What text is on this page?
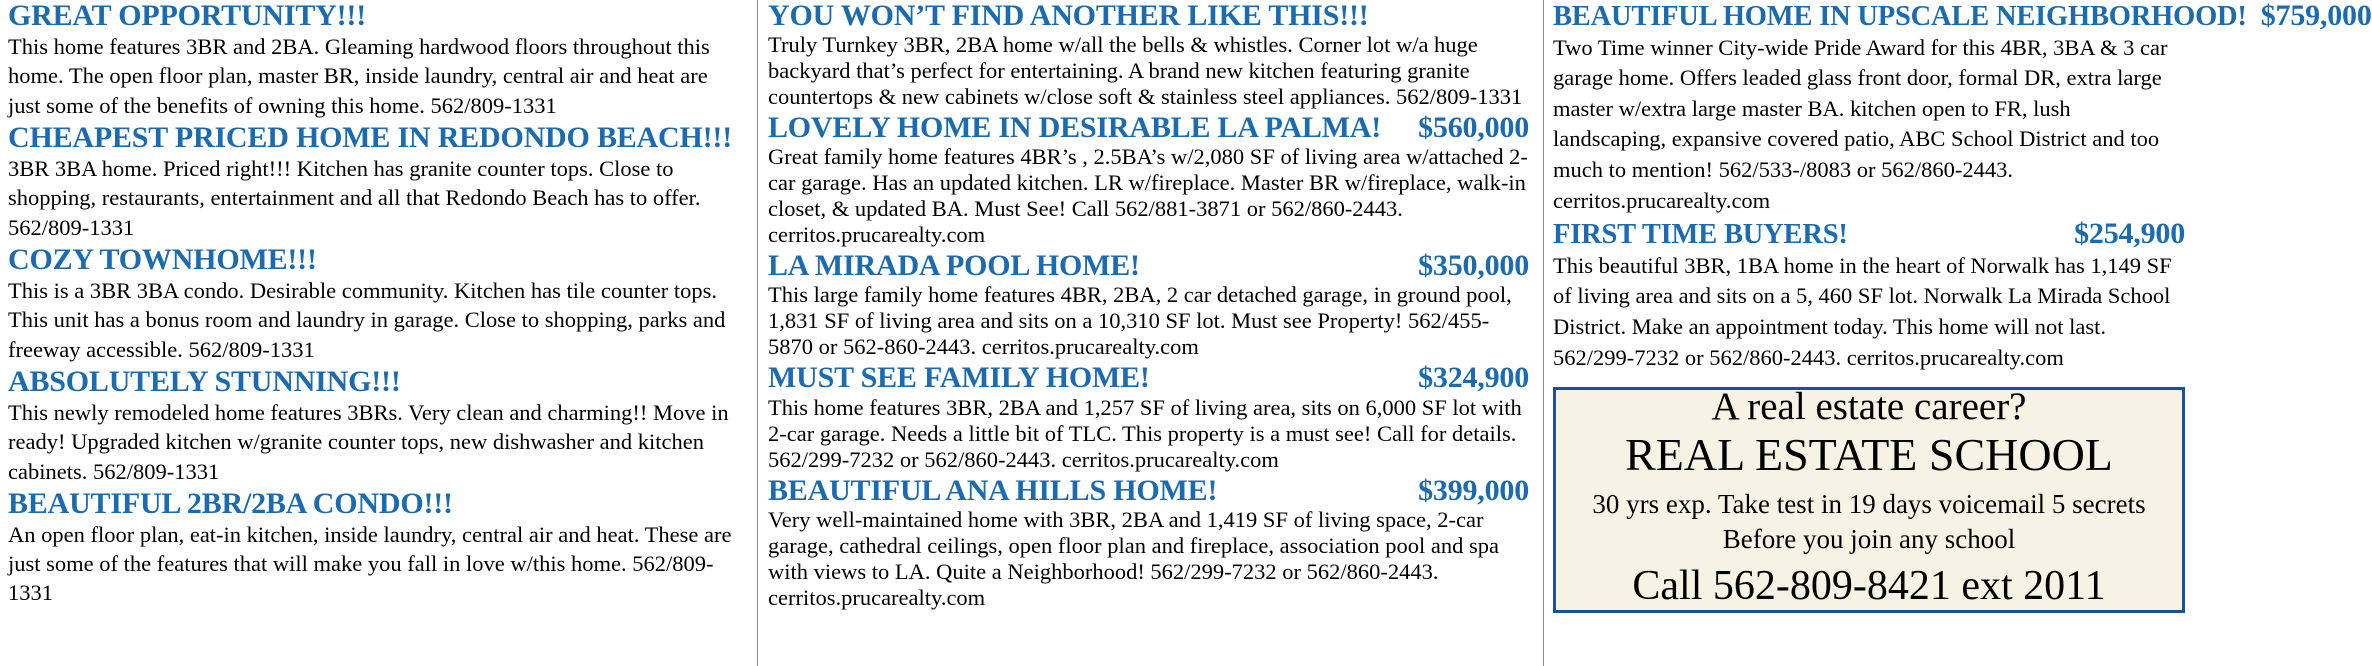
GREAT OPPORTUNITY!!!
This home features 3BR and 2BA. Gleaming hardwood floors throughout this home. The open floor plan, master BR, inside laundry, central air and heat are just some of the benefits of owning this home. 562/809-1331
CHEAPEST PRICED HOME IN REDONDO BEACH!!!
3BR 3BA home. Priced right!!! Kitchen has granite counter tops. Close to shopping, restaurants, entertainment and all that Redondo Beach has to offer. 562/809-1331
COZY TOWNHOME!!!
This is a 3BR 3BA condo. Desirable community. Kitchen has tile counter tops. This unit has a bonus room and laundry in garage. Close to shopping, parks and freeway accessible. 562/809-1331
ABSOLUTELY STUNNING!!!
This newly remodeled home features 3BRs. Very clean and charming!! Move in ready! Upgraded kitchen w/granite counter tops, new dishwasher and kitchen cabinets. 562/809-1331
BEAUTIFUL 2BR/2BA CONDO!!!
An open floor plan, eat-in kitchen, inside laundry, central air and heat. These are just some of the features that will make you fall in love w/this home. 562/809-1331
YOU WON’T FIND ANOTHER LIKE THIS!!!
Truly Turnkey 3BR, 2BA home w/all the bells & whistles. Corner lot w/a huge backyard that’s perfect for entertaining. A brand new kitchen featuring granite countertops & new cabinets w/close soft & stainless steel appliances. 562/809-1331
LOVELY HOME IN DESIRABLE LA PALMA!	$560,000
Great family home features 4BR’s , 2.5BA’s w/2,080 SF of living area w/attached 2-car garage. Has an updated kitchen. LR w/fireplace. Master BR w/fireplace, walk-in closet, & updated BA. Must See! Call 562/881-3871 or 562/860-2443. cerritos.prucarealty.com
LA MIRADA POOL HOME!	$350,000
This large family home features 4BR, 2BA, 2 car detached garage, in ground pool, 1,831 SF of living area and sits on a 10,310 SF lot. Must see Property! 562/455-5870 or 562-860-2443. cerritos.prucarealty.com
MUST SEE FAMILY HOME!	$324,900
This home features 3BR, 2BA and 1,257 SF of living area, sits on 6,000 SF lot with 2-car garage. Needs a little bit of TLC. This property is a must see! Call for details. 562/299-7232 or 562/860-2443. cerritos.prucarealty.com
BEAUTIFUL ANA HILLS HOME!	$399,000
Very well-maintained home with 3BR, 2BA and 1,419 SF of living space, 2-car garage, cathedral ceilings, open floor plan and fireplace, association pool and spa with views to LA. Quite a Neighborhood! 562/299-7232 or 562/860-2443. cerritos.prucarealty.com
BEAUTIFUL HOME IN UPSCALE NEIGHBORHOOD! $759,000
Two Time winner City-wide Pride Award for this 4BR, 3BA & 3 car garage home. Offers leaded glass front door, formal DR, extra large master w/extra large master BA. kitchen open to FR, lush landscaping, expansive covered patio, ABC School District and too much to mention! 562/533-/8083 or 562/860-2443. cerritos.prucarealty.com
FIRST TIME BUYERS!	$254,900
This beautiful 3BR, 1BA home in the heart of Norwalk has 1,149 SF of living area and sits on a 5, 460 SF lot. Norwalk La Mirada School District. Make an appointment today. This home will not last. 562/299-7232 or 562/860-2443. cerritos.prucarealty.com
A real estate career?
REAL ESTATE SCHOOL
30 yrs exp. Take test in 19 days voicemail 5 secrets
Before you join any school
Call 562-809-8421 ext 2011
